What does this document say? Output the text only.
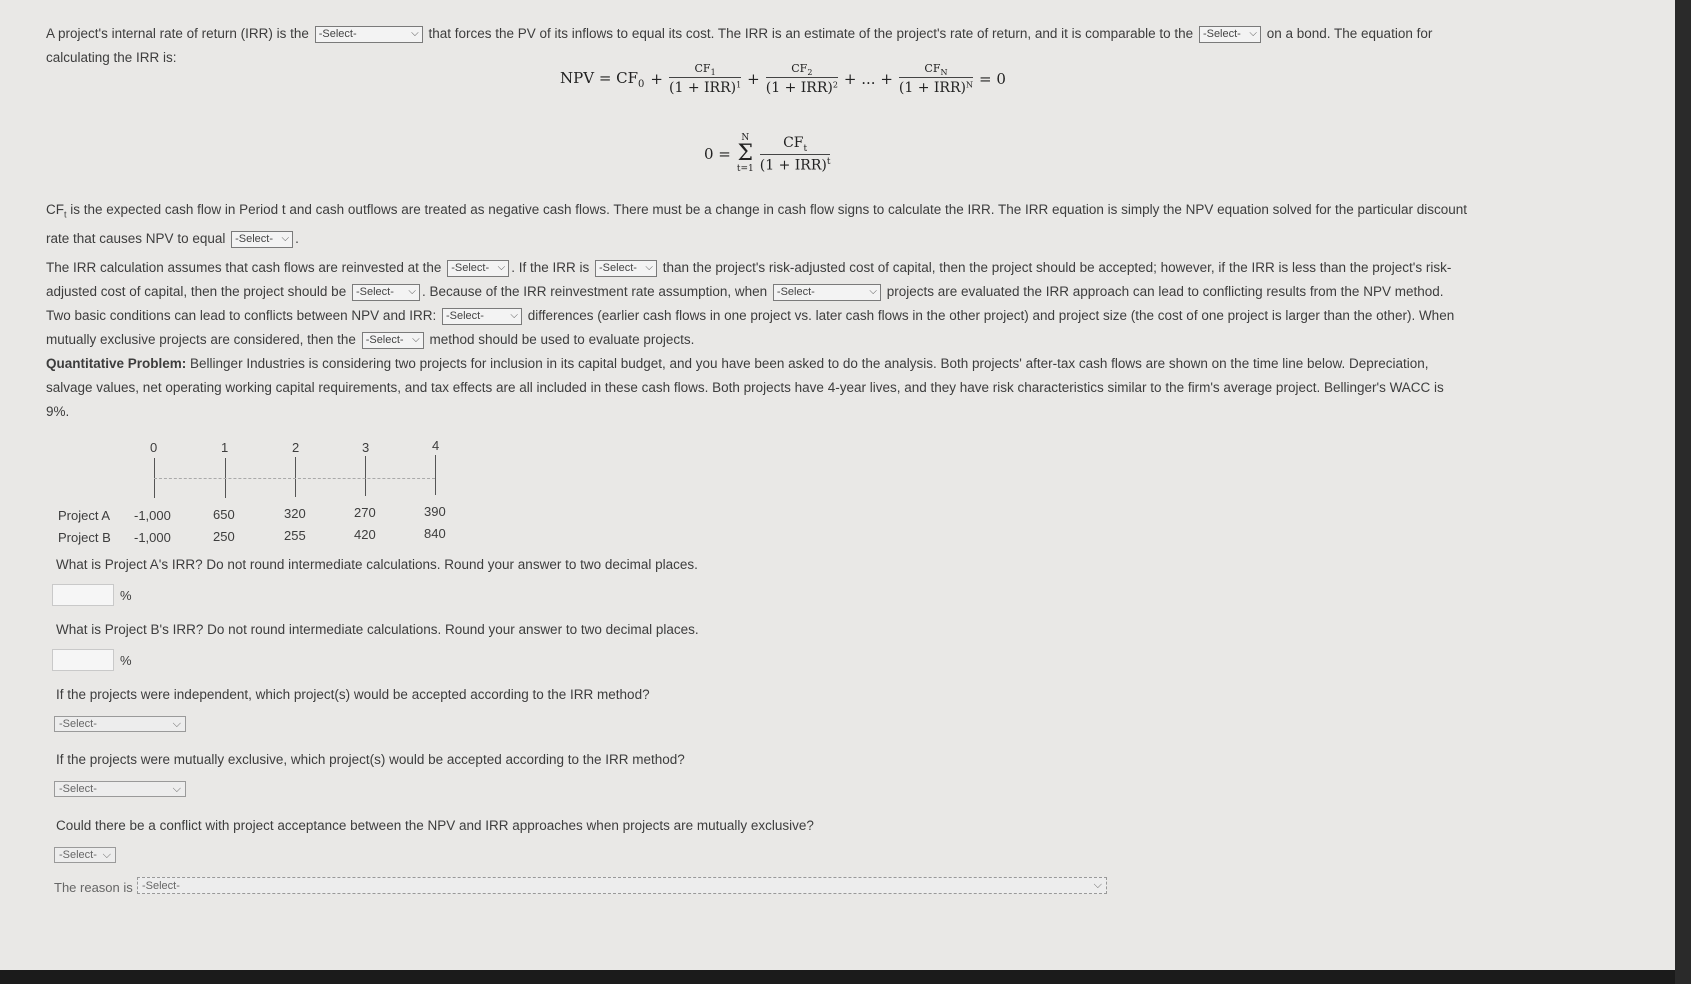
A project's internal rate of return (IRR) is the -Select-	⌵ that forces the PV of its inflows to equal its cost. The IRR is an estimate of the project's rate of return, and it is comparable to the -Select- ⌵ on a bond. The equation for
calculating the IRR is:
NPV = $CF_0 + \frac{CF_1}{(1 + IRR)^1} + \frac{CF_2}{(1 + IRR)^2}$ + ... + $\frac{CF_N}{(1 + IRR)^N} = 0$
0 =
N
Σ
$t=1 \frac{CF_t}{(1 + IRR)^t}$
$CF_t$ is the expected cash flow in Period t and cash outflows are treated as negative cash flows. There must be a change in cash flow signs to calculate the IRR. The IRR equation is simply the NPV equation solved for the particular discount
rate that causes NPV to equal -Select- ⌵ .
The IRR calculation assumes that cash flows are reinvested at the -Select- ⌵ . If the IRR is -Select- ⌵ than the project's risk-adjusted cost of capital, then the project should be accepted; however, if the IRR is less than the project's risk-
adjusted cost of capital, then the project should be -Select- ⌵ . Because of the IRR reinvestment rate assumption, when -Select-	⌵ projects are evaluated the IRR approach can lead to conflicting results from the NPV method.
Two basic conditions can lead to conflicts between NPV and IRR: -Select-	⌵ differences (earlier cash flows in one project vs. later cash flows in the other project) and project size (the cost of one project is larger than the other). When
mutually exclusive projects are considered, then the -Select- ⌵ method should be used to evaluate projects.
Quantitative Problem: Bellinger Industries is considering two projects for inclusion in its capital budget, and you have been asked to do the analysis. Both projects' after-tax cash flows are shown on the time line below. Depreciation,
salvage values, net operating working capital requirements, and tax effects are all included in these cash flows. Both projects have 4-year lives, and they have risk characteristics similar to the firm's average project. Bellinger's WACC is
9%.
0	1	2	3	4
Project A -1,000	650	320	270	390
Project B -1,000	250	255	420	840
What is Project A's IRR? Do not round intermediate calculations. Round your answer to two decimal places.
%
What is Project B's IRR? Do not round intermediate calculations. Round your answer to two decimal places.
%
If the projects were independent, which project(s) would be accepted according to the IRR method?
-Select-	⌵
If the projects were mutually exclusive, which project(s) would be accepted according to the IRR method?
-Select-	⌵
Could there be a conflict with project acceptance between the NPV and IRR approaches when projects are mutually exclusive?
-Select- ⌵
The reason is -Select-	⌵
